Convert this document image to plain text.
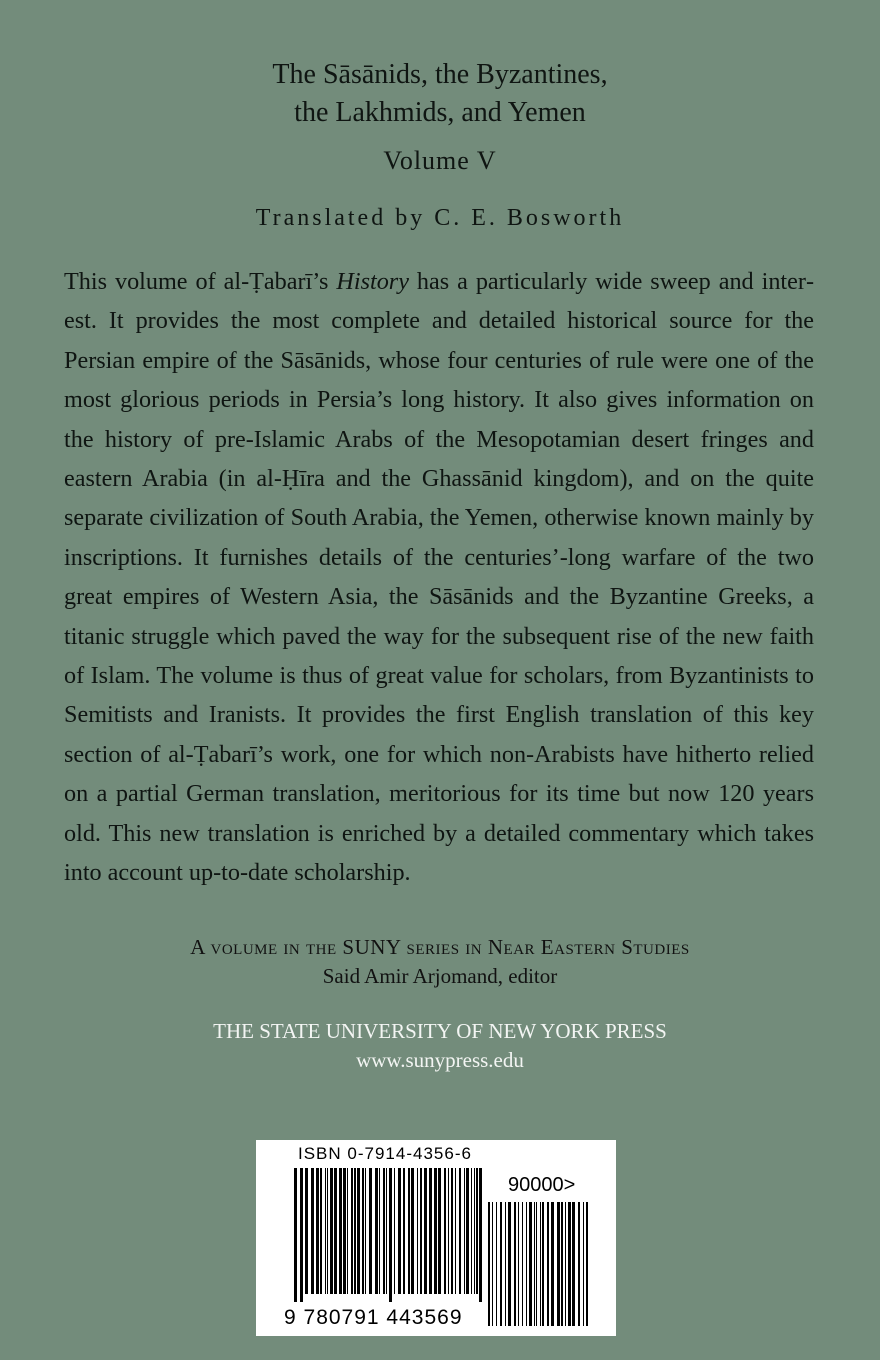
The Sāsānids, the Byzantines,
the Lakhmids, and Yemen
Volume V
Translated by C. E. Bosworth
This volume of al-Ṭabarī’s History has a particularly wide sweep and interest. It provides the most complete and detailed historical source for the Persian empire of the Sāsānids, whose four centuries of rule were one of the most glorious periods in Persia’s long history. It also gives information on the history of pre-Islamic Arabs of the Mesopotamian desert fringes and eastern Arabia (in al-Ḥīra and the Ghassānid kingdom), and on the quite separate civilization of South Arabia, the Yemen, otherwise known mainly by inscriptions. It furnishes details of the centuries’-long warfare of the two great empires of Western Asia, the Sāsānids and the Byzantine Greeks, a titanic struggle which paved the way for the subsequent rise of the new faith of Islam. The volume is thus of great value for scholars, from Byzantinists to Semitists and Iranists. It provides the first English translation of this key section of al-Ṭabarī’s work, one for which non-Arabists have hitherto relied on a partial German translation, meritorious for its time but now 120 years old. This new translation is enriched by a detailed commentary which takes into account up-to-date scholarship.
A volume in the SUNY series in Near Eastern Studies
Said Amir Arjomand, editor
THE STATE UNIVERSITY OF NEW YORK PRESS
www.sunypress.edu
ISBN 0-7914-4356-6
90000>
9 780791 443569
